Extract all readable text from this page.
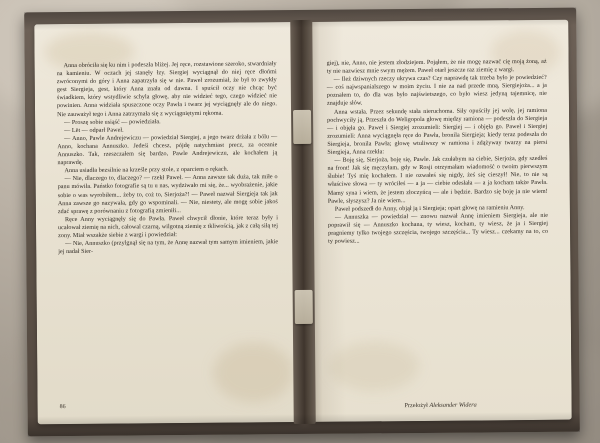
Anna obróciła się ku nim i podeszła bliżej. Jej ręce, rozstawione szeroko, stwardniały na kamieniu. W oczach jej stanęły łzy. Siergiej wyciągnął do niej ręce dłońmi zwróconymi do góry i Anna zapatrzyła się w nie. Paweł zrozumiał, że był to zwykły gest Siergieja, gest, który Anna znała od dawna. I spuścił oczy nie chcąc być świadkiem, który wstydliwie schyla głowę, aby nie widzieć tego, czego widzieć nie powinien. Anna widziała spuszczone oczy Pawła i twarz jej wyciągnęły ale do niego. Nie zauważył tego i Anna zatrzymała się z wyciągniętymi rękoma.

— Proszę sobie usiąść — powiedziała.

— Lёt — odparł Paweł.

— Anno, Pawle Andrejewiczu — powiedział Siergiej, a jego twarz drżała z bólu — Anno, kochana Annuszko. Jedeśi chcesz, pójdę natychmiast precz, za oceanie Annuszko. Tak, rzeszczałem się bardzo, Pawle Andrejewiczu, ale kochałem ją naprawdę.

Anna usiadła bezsilnie na krześle przy stole, z oparciem o rękach.

— Nie, dlaczego to, dlaczego? — rzekł Paweł. — Anna zawsze tak duża, tak miłe o panu mówiła. Państko fotografie są tu u nas, wydziwało mi się, że... wyobrażenie, jakie sobie o was wyrobiłem... żeby to, coż to, Sierjoża?! — Paweł nazwał Siergieja tak jak Anna zawsze go nazywała, gdy go wspominali. — Nie, niestety, ale mogę sobie jakoś zdać sprawę z porównaniu z fotografią zmieniłi...

Ręce Anny wyciągnęły się do Pawła. Paweł chwycił dłonie, które teraz były i ucałował ziemię na nich, całowal czarną, wilgotną ziemię z tkliwością, jak z całą siłą tej zony. Miał wszakże siebie z wargi i powiedział:

— Nie, Annuszko (przylgnął się na tym, że Annę nazwał tym samym imieniem, jakie jej nadał Sier-

86

giej), nie, Anno, nie jestem złodziejem. Pojąłem, że nie mogę nazwać cię moją żoną, aż ty nie nazwiesz mnie swym mężem. Paweł otarł jeszcze raz ziemię z wargi.

— Ileż dziwnych rzeczy ukrywa czas? Czy naprawdę tak trzeba było je powiedzieć? — coś najwspanialszego w moim życiu. I nie za nad przede mną, Siergiejoża... a ja poznałem to, do dla was było najświetszego, co było wiesz jedyną tajemnicę, nie znajduje słów.

Anna wstała. Przez sekundę stała nieruchoma. Siły opuściły jej wolę, jej ramiona pochwyciły ją. Przeszła do Weligopolа głowę między ramiona — podeszła do Siergieja — i objęła go. Paweł i Siergiej zrozumieli: Siergiej — i objęła go. Paweł i Siergiej zrozumieli: Anna wyciągnęła ręce do Pawła, bronila Siergieja; kiedy teraz podeszła do Siergieja, bronila Pawła; głowę wtuliwszy w ramiona i zdążyway twarzy na piersi Siergieja, Anna rzekła:

— Boję się, Sierjoża, boję się, Pawle. Jak czułabym na ciebie, Sierjoża, gdy szedłeś na front! Jak się męczyłam, gdy w Rosji otrzymałam wiadomość o twoim pierwszym ślubie! Tyś mię kochałem. I nie ozwałeś się nigdy, żeś się cieszył! Nie, to nie są właściwe słowa — ty wróciłeś — a ja — ciebie odesłała — a ja kocham także Pawła. Mamy syna i wiem, że jestem złoczyńcą — ale i będzie. Bardzo się boję ja nie wiem! Pawle, słyszysz? Ja nie wiem...

Paweł podszedł do Anny, objął ją i Siergieja; opart głowę na ramieniu Anny.

— Annuszka — powiedział — znowu nazwał Annę imieniem Siergieja, ale nie poprawił się — Annuszko kochana, ty wiesz, kocham, ty wiesz, że ja i Siergiej pragniemy tylko twojego szczęścia, twojego szczęścia... Ty wiesz... czekamy na to, co ty powiesz...

Przełożył Aleksander Widera
